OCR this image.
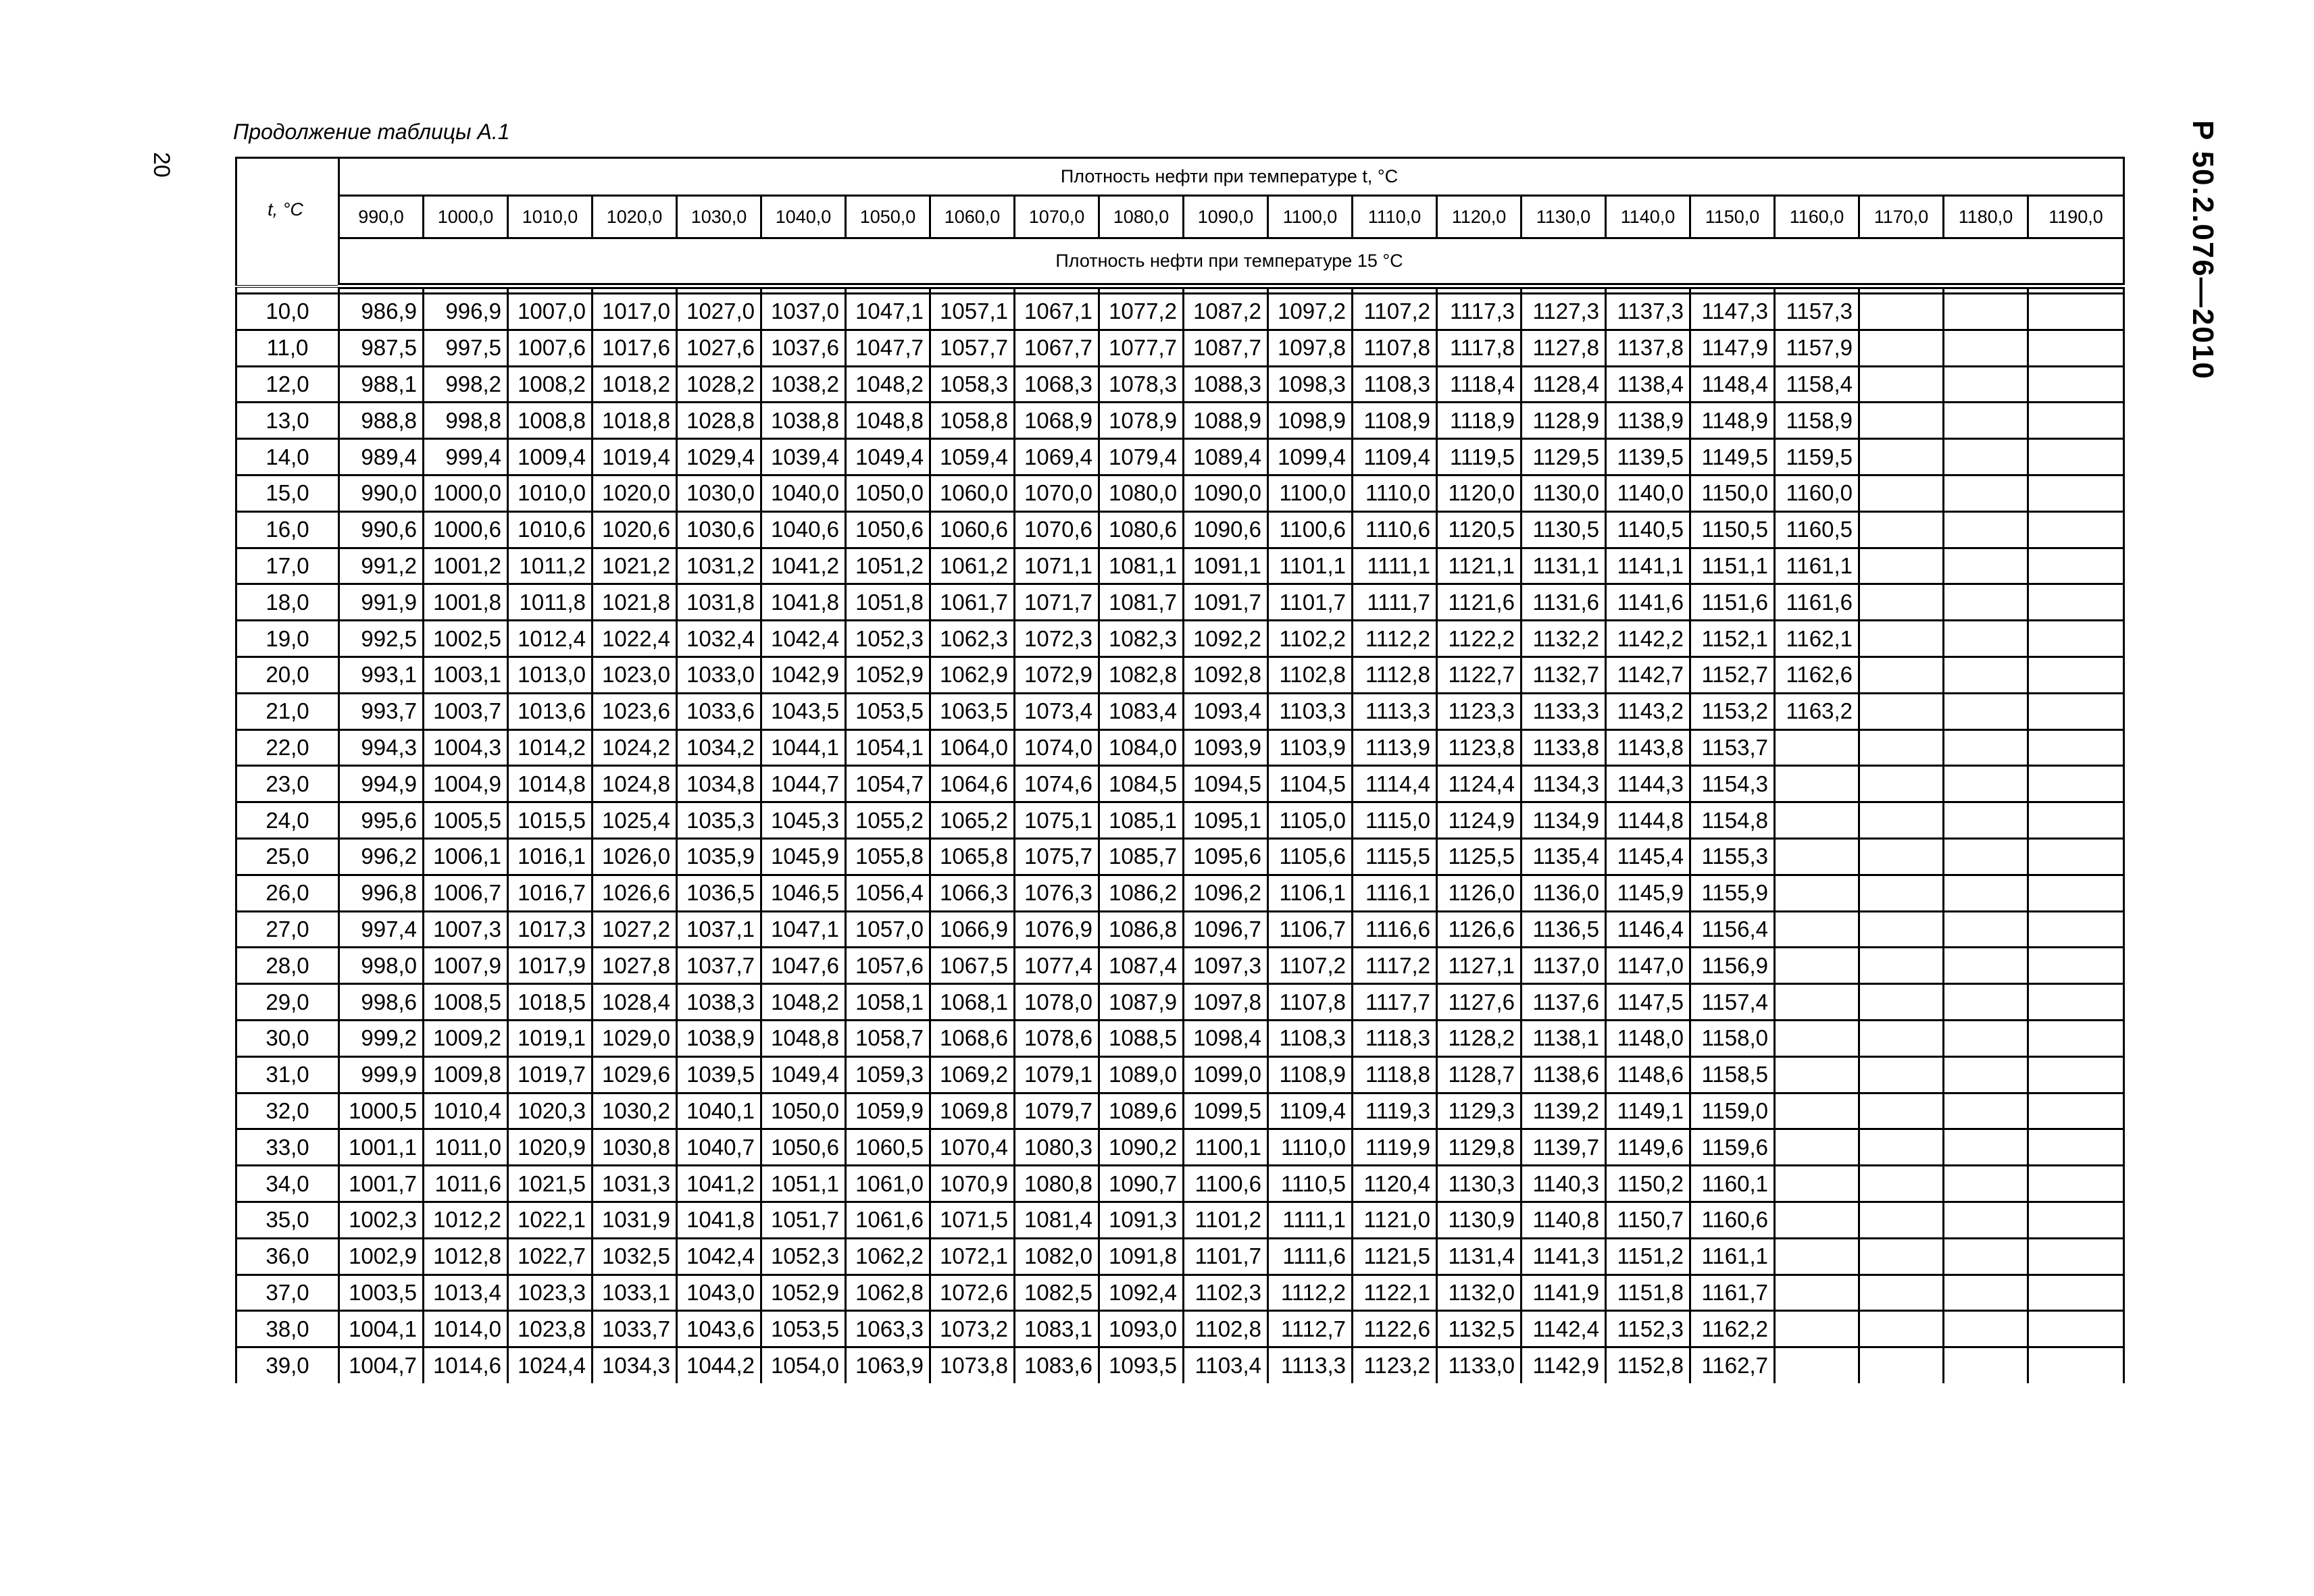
20	Р 50.2.076—2010
Продолжение таблицы А.1
t, °С	Плотность нефти при температуре t, °С																				
	990,0	1000,0	1010,0	1020,0	1030,0	1040,0	1050,0	1060,0	1070,0	1080,0	1090,0	1100,0	1110,0	1120,0	1130,0	1140,0	1150,0	1160,0	1170,0	1180,0	1190,0
	Плотность нефти при температуре 15 °С																				

10,0	986,9	996,9	1007,0	1017,0	1027,0	1037,0	1047,1	1057,1	1067,1	1077,2	1087,2	1097,2	1107,2	1117,3	1127,3	1137,3	1147,3	1157,3			
11,0	987,5	997,5	1007,6	1017,6	1027,6	1037,6	1047,7	1057,7	1067,7	1077,7	1087,7	1097,8	1107,8	1117,8	1127,8	1137,8	1147,9	1157,9			
12,0	988,1	998,2	1008,2	1018,2	1028,2	1038,2	1048,2	1058,3	1068,3	1078,3	1088,3	1098,3	1108,3	1118,4	1128,4	1138,4	1148,4	1158,4			
13,0	988,8	998,8	1008,8	1018,8	1028,8	1038,8	1048,8	1058,8	1068,9	1078,9	1088,9	1098,9	1108,9	1118,9	1128,9	1138,9	1148,9	1158,9			
14,0	989,4	999,4	1009,4	1019,4	1029,4	1039,4	1049,4	1059,4	1069,4	1079,4	1089,4	1099,4	1109,4	1119,5	1129,5	1139,5	1149,5	1159,5			
15,0	990,0	1000,0	1010,0	1020,0	1030,0	1040,0	1050,0	1060,0	1070,0	1080,0	1090,0	1100,0	1110,0	1120,0	1130,0	1140,0	1150,0	1160,0			
16,0	990,6	1000,6	1010,6	1020,6	1030,6	1040,6	1050,6	1060,6	1070,6	1080,6	1090,6	1100,6	1110,6	1120,5	1130,5	1140,5	1150,5	1160,5			
17,0	991,2	1001,2	1011,2	1021,2	1031,2	1041,2	1051,2	1061,2	1071,1	1081,1	1091,1	1101,1	1111,1	1121,1	1131,1	1141,1	1151,1	1161,1			
18,0	991,9	1001,8	1011,8	1021,8	1031,8	1041,8	1051,8	1061,7	1071,7	1081,7	1091,7	1101,7	1111,7	1121,6	1131,6	1141,6	1151,6	1161,6			
19,0	992,5	1002,5	1012,4	1022,4	1032,4	1042,4	1052,3	1062,3	1072,3	1082,3	1092,2	1102,2	1112,2	1122,2	1132,2	1142,2	1152,1	1162,1			
20,0	993,1	1003,1	1013,0	1023,0	1033,0	1042,9	1052,9	1062,9	1072,9	1082,8	1092,8	1102,8	1112,8	1122,7	1132,7	1142,7	1152,7	1162,6			
21,0	993,7	1003,7	1013,6	1023,6	1033,6	1043,5	1053,5	1063,5	1073,4	1083,4	1093,4	1103,3	1113,3	1123,3	1133,3	1143,2	1153,2	1163,2			
22,0	994,3	1004,3	1014,2	1024,2	1034,2	1044,1	1054,1	1064,0	1074,0	1084,0	1093,9	1103,9	1113,9	1123,8	1133,8	1143,8	1153,7				
23,0	994,9	1004,9	1014,8	1024,8	1034,8	1044,7	1054,7	1064,6	1074,6	1084,5	1094,5	1104,5	1114,4	1124,4	1134,3	1144,3	1154,3				
24,0	995,6	1005,5	1015,5	1025,4	1035,3	1045,3	1055,2	1065,2	1075,1	1085,1	1095,1	1105,0	1115,0	1124,9	1134,9	1144,8	1154,8				
25,0	996,2	1006,1	1016,1	1026,0	1035,9	1045,9	1055,8	1065,8	1075,7	1085,7	1095,6	1105,6	1115,5	1125,5	1135,4	1145,4	1155,3				
26,0	996,8	1006,7	1016,7	1026,6	1036,5	1046,5	1056,4	1066,3	1076,3	1086,2	1096,2	1106,1	1116,1	1126,0	1136,0	1145,9	1155,9				
27,0	997,4	1007,3	1017,3	1027,2	1037,1	1047,1	1057,0	1066,9	1076,9	1086,8	1096,7	1106,7	1116,6	1126,6	1136,5	1146,4	1156,4				
28,0	998,0	1007,9	1017,9	1027,8	1037,7	1047,6	1057,6	1067,5	1077,4	1087,4	1097,3	1107,2	1117,2	1127,1	1137,0	1147,0	1156,9				
29,0	998,6	1008,5	1018,5	1028,4	1038,3	1048,2	1058,1	1068,1	1078,0	1087,9	1097,8	1107,8	1117,7	1127,6	1137,6	1147,5	1157,4				
30,0	999,2	1009,2	1019,1	1029,0	1038,9	1048,8	1058,7	1068,6	1078,6	1088,5	1098,4	1108,3	1118,3	1128,2	1138,1	1148,0	1158,0				
31,0	999,9	1009,8	1019,7	1029,6	1039,5	1049,4	1059,3	1069,2	1079,1	1089,0	1099,0	1108,9	1118,8	1128,7	1138,6	1148,6	1158,5				
32,0	1000,5	1010,4	1020,3	1030,2	1040,1	1050,0	1059,9	1069,8	1079,7	1089,6	1099,5	1109,4	1119,3	1129,3	1139,2	1149,1	1159,0				
33,0	1001,1	1011,0	1020,9	1030,8	1040,7	1050,6	1060,5	1070,4	1080,3	1090,2	1100,1	1110,0	1119,9	1129,8	1139,7	1149,6	1159,6				
34,0	1001,7	1011,6	1021,5	1031,3	1041,2	1051,1	1061,0	1070,9	1080,8	1090,7	1100,6	1110,5	1120,4	1130,3	1140,3	1150,2	1160,1				
35,0	1002,3	1012,2	1022,1	1031,9	1041,8	1051,7	1061,6	1071,5	1081,4	1091,3	1101,2	1111,1	1121,0	1130,9	1140,8	1150,7	1160,6				
36,0	1002,9	1012,8	1022,7	1032,5	1042,4	1052,3	1062,2	1072,1	1082,0	1091,8	1101,7	1111,6	1121,5	1131,4	1141,3	1151,2	1161,1				
37,0	1003,5	1013,4	1023,3	1033,1	1043,0	1052,9	1062,8	1072,6	1082,5	1092,4	1102,3	1112,2	1122,1	1132,0	1141,9	1151,8	1161,7				
38,0	1004,1	1014,0	1023,8	1033,7	1043,6	1053,5	1063,3	1073,2	1083,1	1093,0	1102,8	1112,7	1122,6	1132,5	1142,4	1152,3	1162,2				
39,0	1004,7	1014,6	1024,4	1034,3	1044,2	1054,0	1063,9	1073,8	1083,6	1093,5	1103,4	1113,3	1123,2	1133,0	1142,9	1152,8	1162,7				
